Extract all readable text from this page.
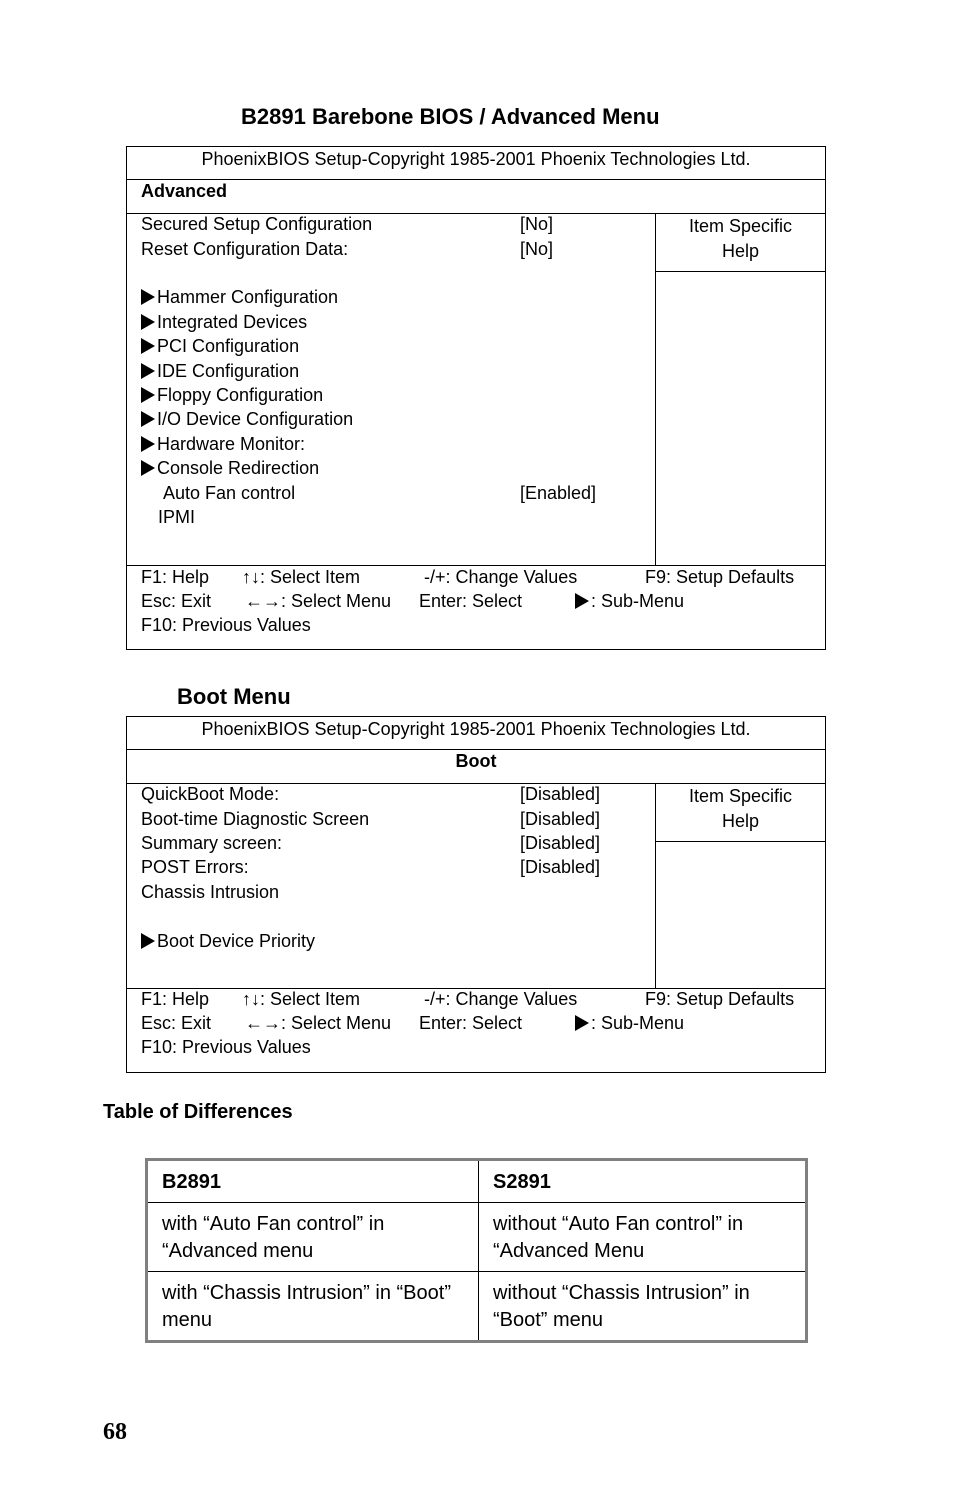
B2891 Barebone BIOS / Advanced Menu
PhoenixBIOS Setup-Copyright 1985-2001 Phoenix Technologies Ltd.
Advanced
Secured Setup Configuration	[No]
Reset Configuration Data:	[No]
Hammer Configuration
Integrated Devices
PCI Configuration
IDE Configuration
Floppy Configuration
I/O Device Configuration
Hardware Monitor:
Console Redirection
Auto Fan control	[Enabled]
IPMI
Item Specific
Help
F1: Help ↑↓: Select Item	-/+: Change Values	F9: Setup Defaults
Esc: Exit ←→: Select Menu Enter: Select	: Sub-Menu
F10: Previous Values
Boot Menu
PhoenixBIOS Setup-Copyright 1985-2001 Phoenix Technologies Ltd.
Boot
QuickBoot Mode:	[Disabled]
Boot-time Diagnostic Screen	[Disabled]
Summary screen:	[Disabled]
POST Errors:	[Disabled]
Chassis Intrusion
Boot Device Priority
Item Specific
Help
F1: Help ↑↓: Select Item	-/+: Change Values	F9: Setup Defaults
Esc: Exit ←→: Select Menu Enter: Select	: Sub-Menu
F10: Previous Values
Table of Differences
B2891	S2891
with “Auto Fan control” in “Advanced menu	without “Auto Fan control” in “Advanced Menu
with “Chassis Intrusion” in “Boot” menu	without “Chassis Intrusion” in “Boot” menu
68
